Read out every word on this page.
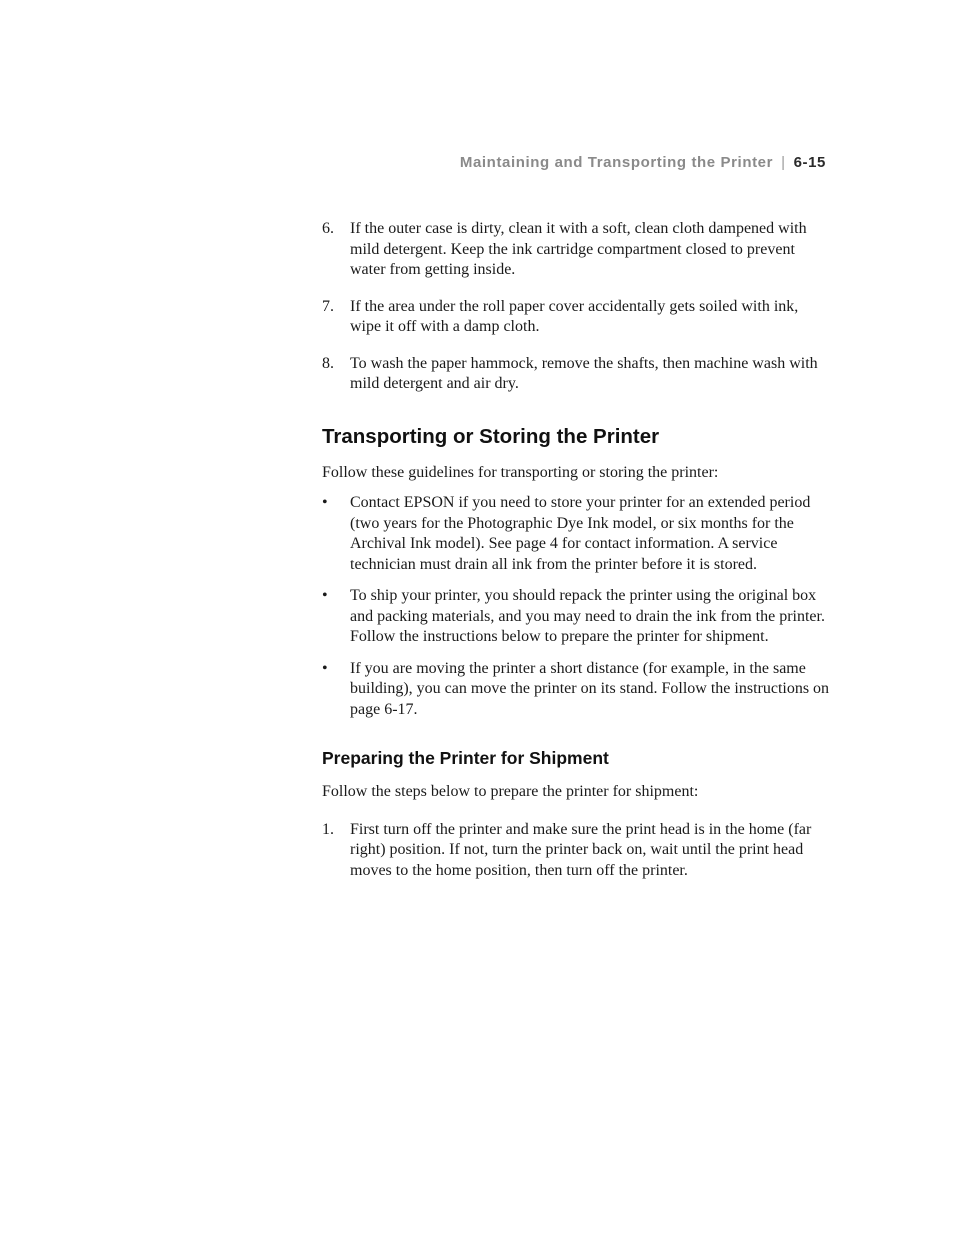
Maintaining and Transporting the Printer | 6-15
6. If the outer case is dirty, clean it with a soft, clean cloth dampened with mild detergent. Keep the ink cartridge compartment closed to prevent water from getting inside.
7. If the area under the roll paper cover accidentally gets soiled with ink, wipe it off with a damp cloth.
8. To wash the paper hammock, remove the shafts, then machine wash with mild detergent and air dry.
Transporting or Storing the Printer

Follow these guidelines for transporting or storing the printer:

• Contact EPSON if you need to store your printer for an extended period (two years for the Photographic Dye Ink model, or six months for the Archival Ink model). See page 4 for contact information. A service technician must drain all ink from the printer before it is stored.
• To ship your printer, you should repack the printer using the original box and packing materials, and you may need to drain the ink from the printer. Follow the instructions below to prepare the printer for shipment.
• If you are moving the printer a short distance (for example, in the same building), you can move the printer on its stand. Follow the instructions on page 6-17.
Preparing the Printer for Shipment

Follow the steps below to prepare the printer for shipment:

1. First turn off the printer and make sure the print head is in the home (far right) position. If not, turn the printer back on, wait until the print head moves to the home position, then turn off the printer.
